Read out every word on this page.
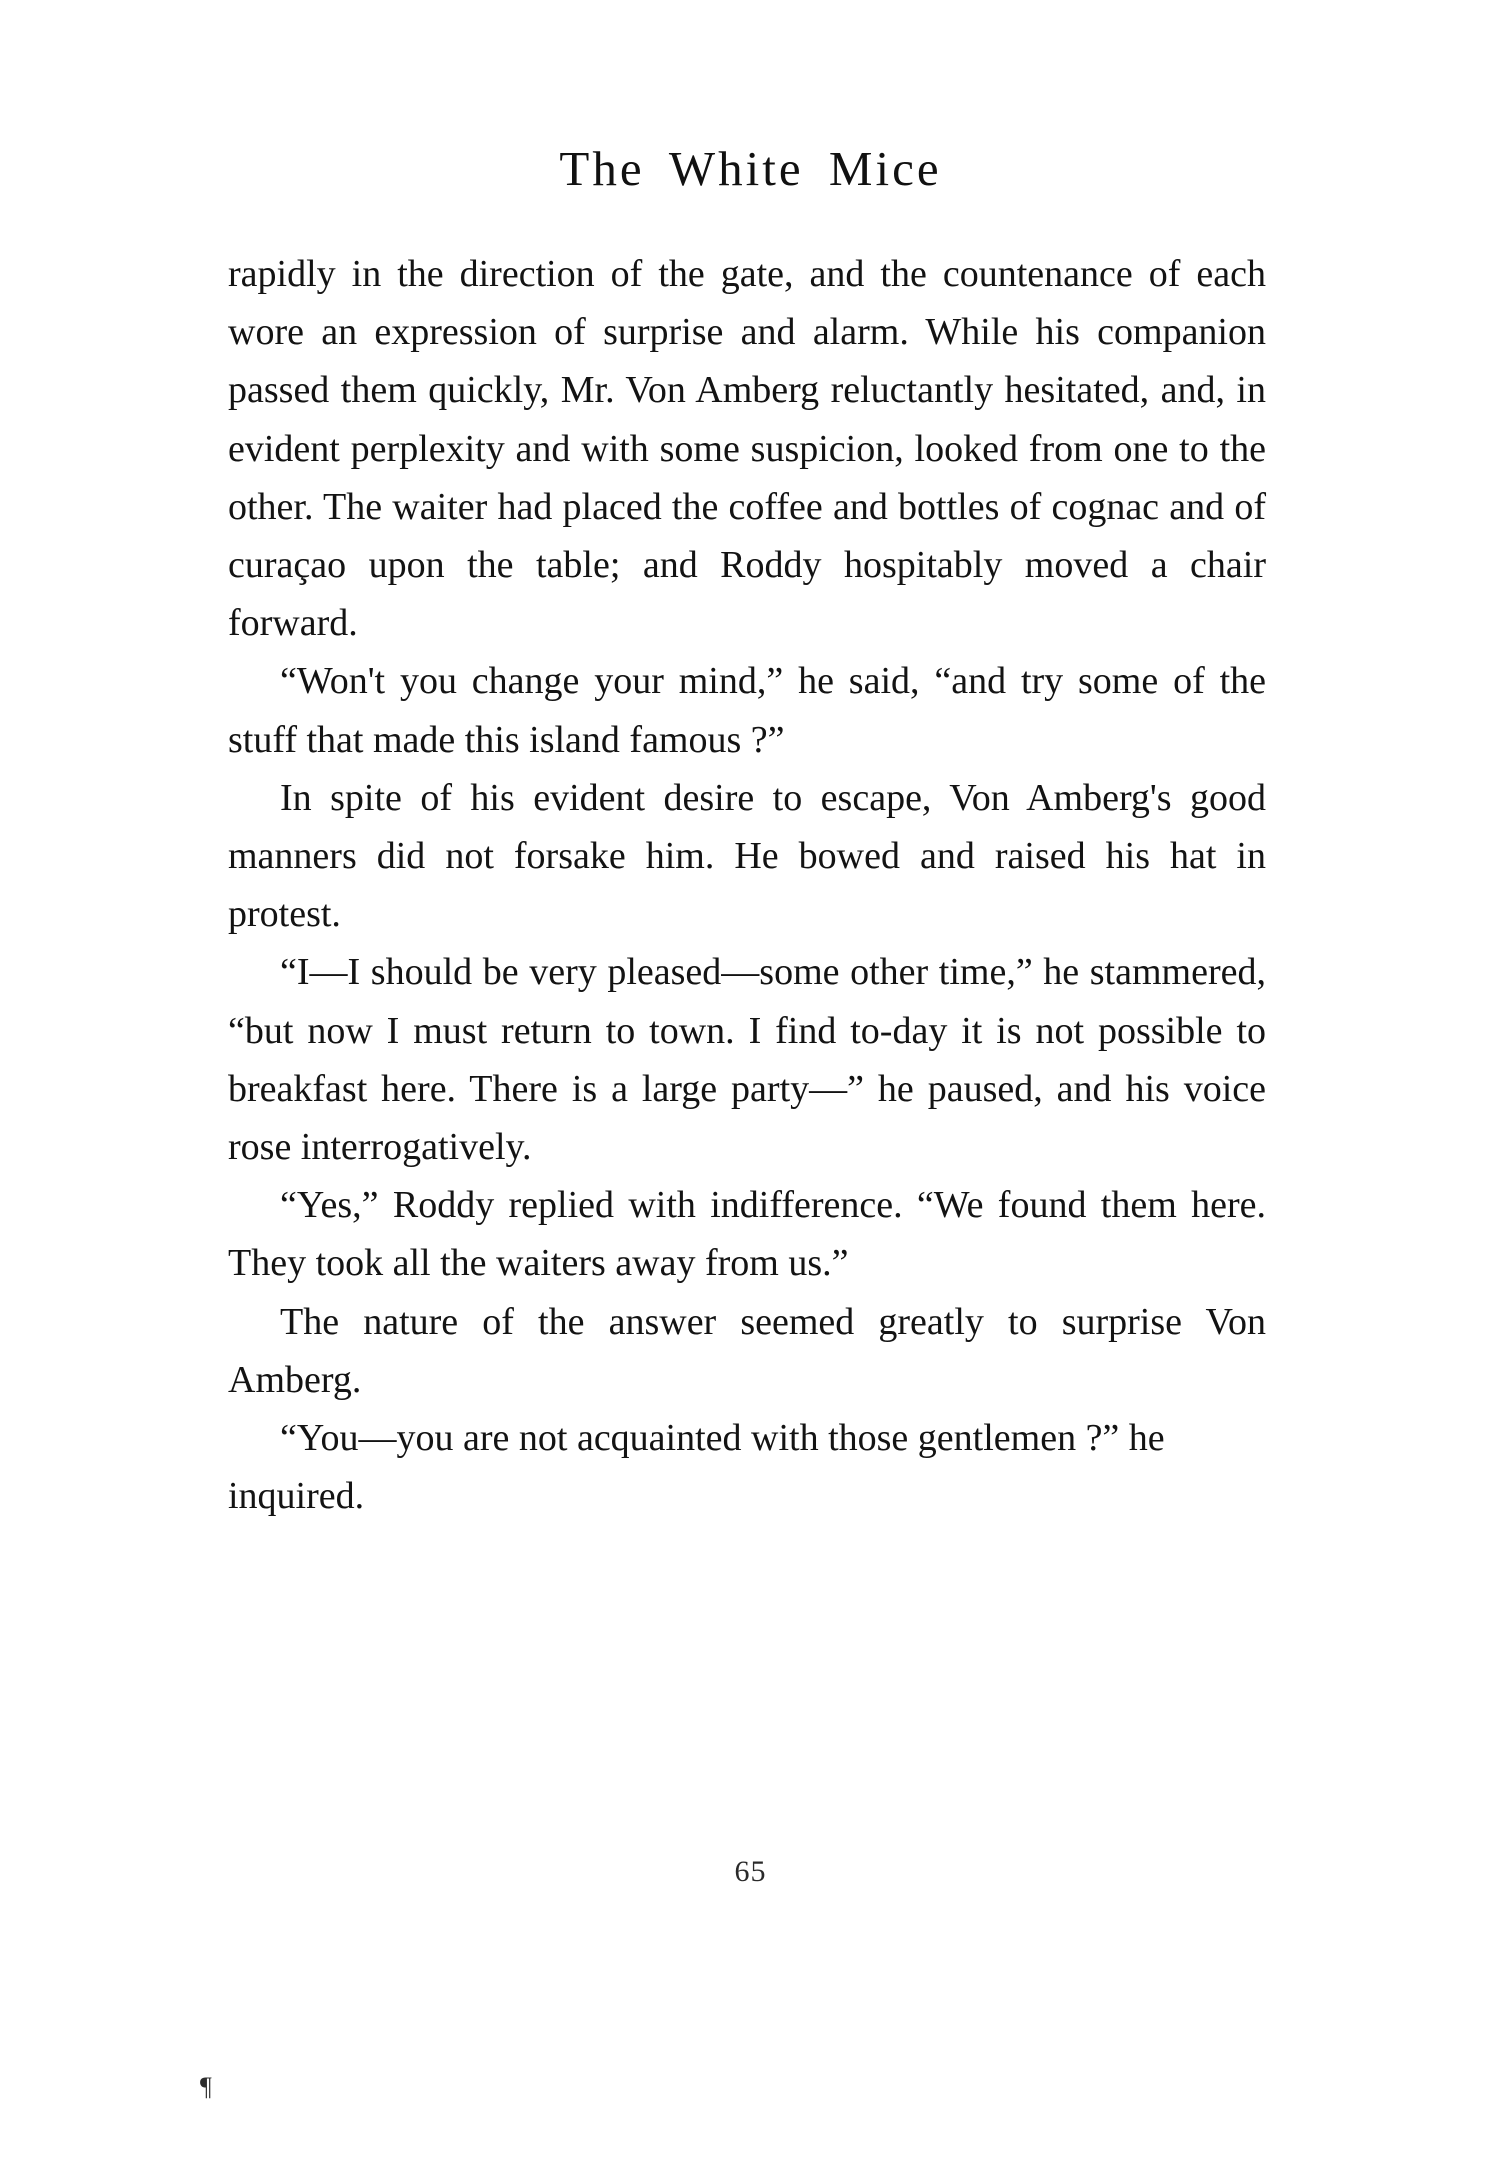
The White Mice

rapidly in the direction of the gate, and the countenance of each wore an expression of surprise and alarm. While his companion passed them quickly, Mr. Von Amberg reluctantly hesitated, and, in evident perplexity and with some suspicion, looked from one to the other. The waiter had placed the coffee and bottles of cognac and of curaçao upon the table; and Roddy hospitably moved a chair forward.

“Won't you change your mind,” he said, “and try some of the stuff that made this island famous ?”

In spite of his evident desire to escape, Von Amberg's good manners did not forsake him. He bowed and raised his hat in protest.

“I—I should be very pleased—some other time,” he stammered, “but now I must return to town. I find to-day it is not possible to breakfast here. There is a large party—” he paused, and his voice rose interrogatively.

“Yes,” Roddy replied with indifference. “We found them here. They took all the waiters away from us.”

The nature of the answer seemed greatly to surprise Von Amberg.

“You—you are not acquainted with those gentlemen ?” he inquired.

65
¶
